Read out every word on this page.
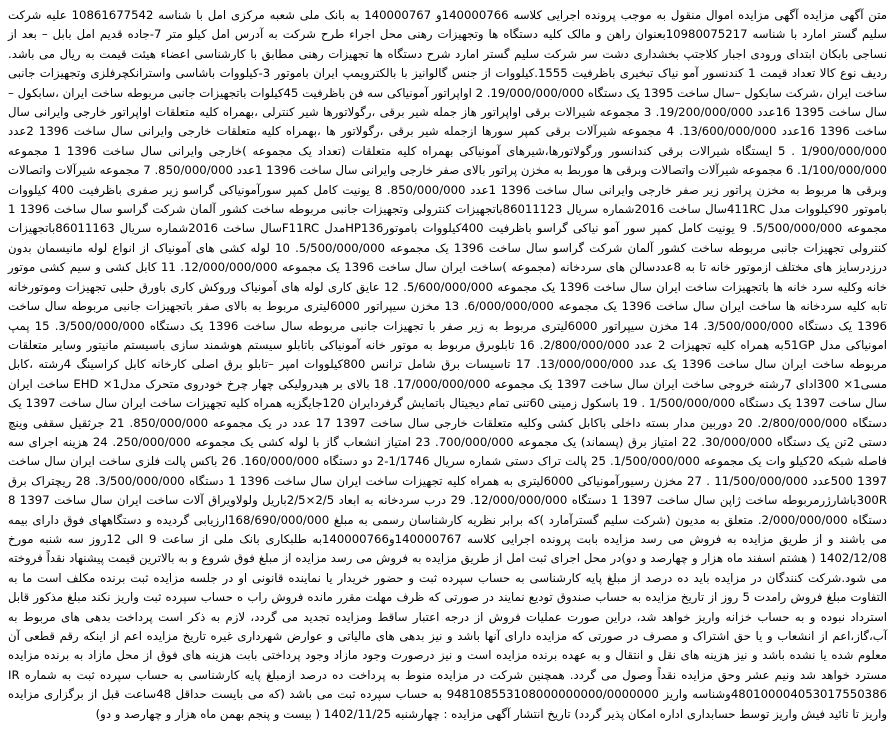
متن آگهی مزایده آگهی مزایده اموال منقول به موجب پرونده اجرایی کلاسه 140000766و 140000767 به بانک ملی شعبه مرکزی امل با شناسه 10861677542 علیه شرکت سلیم گستر امارد با شناسه 10980075217بعنوان راهن و مالک کلیه دستگاه ها وتجهیزات رهنی محل اجراء طرح شرکت به آدرس امل کیلو متر 7-جاده قدیم امل بابل – بعد از نساجی بابکان ابتدای ورودی اجبار کلاجتپ بخشداری دشت سر شرکت سلیم گستر امارد شرح دستگاه ها تجهیزات رهنی مطابق با کارشناسی اعضاء هیئت قیمت به ریال می باشد. ردیف نوع کالا تعداد قیمت 1 کندنسور آمو نیاک تبخیری باظرفیت 1555.کیلووات از جنس گالوانیز با بالکترویمپ ایران باموتور 3-کیلووات باشاسی واسترانکچرفلزی وتجهیزات جانبی ساخت ایران ،شرکت سابکول –سال ساخت 1395 یک دستگاه 19/000/000/000. 2 اواپراتور آمونیاکی سه فن باظرفیت 45کیلوات باتجهیزات جانبی مربوطه ساخت ایران ،سابکول –سال ساخت 1395 16عدد 19/200/000/000. 3 مجموعه شیرالات برقی اواپراتور هاز جمله شیر برقی ،رگولاتورها شیر کنترلی ،بهمراه کلیه متعلقات اواپراتور خارجی وایرانی سال ساخت 1396 16عدد 13/600/000/000. 4 مجموعه شیرآلات برقی کمپر سورها ازجمله شیر برقی ،رگولاتور ها ،بهمراه کلیه متعلقات خارجی وایرانی سال ساخت 1396 2عدد 1/900/000/000 . 5 ایستگاه شیرالات برقی کندانسور ورگولاتورها،شیرهای آمونیاکی بهمراه کلیه متعلقات (تعداد یک مجموعه )خارجی وایرانی سال ساخت 1396 1 مجموعه 1/100/000/000. 6 مجموعه شیرآلات واتصالات وبرقی ها موربط به مخزن پراتور بالای صفر خارجی وایرانی سال ساخت 1396 1عدد 850/000/000. 7 مجموعه شیرآلات واتصالات وبرقی ها مربوط به مخزن پراتور زیر صفر خارجی وایرانی سال ساخت 1396 1عدد 850/000/000. 8 یونیت کامل کمپر سورآمونیاکی گراسو زیر صفری باظرفیت 400 کیلووات باموتور 90کیلووات مدل 411RCسال ساخت 2016شماره سریال 86011123باتجهیزات کنترولی وتجهیزات جانبی مربوطه ساخت کشور آلمان شرکت گراسو سال ساخت 1396 1 مجموعه 5/500/000/000. 9 یونیت کامل کمپر سور آمو نیاکی گراسو باظرفیت 400کیلووات باموتورHP136مدل F11RCسال ساخت 2016شماره سریال 86011163باتجهیزات کنترولی تجهیزات جانبی مربوطه ساخت کشور آلمان شرکت گراسو سال ساخت 1396 یک مجموعه 5/500/000/000. 10 لوله کشی های آمونیاک از انواع لوله مانیسمان بدون درزدرسایز های مختلف ازموتور خانه تا به 8عددسالن های سردخانه (مجموعه )ساخت ایران سال ساخت 1396 یک مجموعه 12/000/000/000. 11 کابل کشی و سیم کشی موتور خانه وکلیه سرد خانه ها باتجهیزات ساخت ایران سال ساخت 1396 یک مجموعه 5/600/000/000. 12 عایق کاری لوله های آمونیاک وروکش کاری باورق حلبی تجهیزات وموتورخانه تابه کلیه سردخانه ها ساخت ایران سال ساخت 1396 یک مجموعه 6/000/000/000. 13 مخزن سیپراتور 6000لیتری مربوط به بالای صفر باتجهیزات جانبی مربوطه سال ساخت 1396 یک دستگاه 3/500/000/000. 14 مخزن سیپراتور 6000لیتری مربوط به زیر صفر با تجهیزات جانبی مربوطه سال ساخت 1396 یک دستگاه 3/500/000/000. 15 پمپ امونیاکی مدل 51GPبه همراه کلیه تجهیزات 2 عدد 2/800/000/000. 16 تابلوبرق مربوط به موتور خانه آمونیاکی باتابلو سیستم هوشمند سازی باسیستم مانیتور وسایر متعلقات مربوطه ساخت ایران سال ساخت 1396 یک عدد 13/000/000/000. 17 تاسیسات برق شامل ترانس 800کیلووات امپر –تابلو برق اصلی کارخانه کابل کراسینگ 4رشته ،کابل مسی1× 300ادای 7رشته خروجی ساخت ایران سال ساخت 1397 یک مجموعه 17/000/000/000. 18 بالای بر هیدرولیکی چهار چرخ خودروی متحرک مدل1× EHD ساخت ایران سال ساخت 1397 یک دستگاه 1/500/000/000 . 19 باسکول زمینی 60تنی تمام دیجیتال باتمایش گرفردایران 120جایگزیه همراه کلیه تجهیزات ساخت ایران سال ساخت 1397 یک دستگاه 2/800/000/000. 20 دوربین مدار بسته داخلی باکابل کشی وکلیه متعلقات خارجی سال ساخت 1397 17 عدد در یک مجموعه 850/000/000. 21 جرثقیل سقفی وینچ دستی 2تن یک دستگاه 30/000/000. 22 امتیاز برق (پسماند) یک مجموعه 700/000/000. 23 امتیاز انشعاب گاز با لوله کشی یک مجموعه 250/000/000. 24 هزینه اجرای سه فاصله شبکه 20کیلو وات یک مجموعه 1/500/000/000. 25 پالت تراک دستی شماره سریال 1/1746-2 دو دستگاه 160/000/000. 26 باکس پالت فلزی ساخت ایران سال ساخت 1397 500عدد 11/500/000/000 . 27 مخزن رسیورآمونیاکی 6000لیتری به همراه کلیه تجهیزات ساخت ایران سال ساخت 1396 1 دستگاه 3/500/000/000. 28 ریچتراک برق 300Rباشارژرمربوطه ساخت ژاپن سال ساخت 1397 1 دستگاه 12/000/000/000. 29 درب سردخانه به ابعاد 2/5×2/5باریل ولولاویراق آلات ساخت ایران سال ساخت 1397 8 دستگاه 2/000/000/000. متعلق به مدیون (شرکت سلیم گسترآمارد )که برابر نظریه کارشناسان رسمی به مبلغ 168/690/000/000ارزیابی گردیده و دستگاههای فوق دارای بیمه می باشند و از طریق مزایده به فروش می رسد مزایده بابت پرونده اجرایی کلاسه 140000767و140000766به طلبکاری بانک ملی از ساعت 9 الی 12روز سه شنبه مورخ 1402/12/08 ( هشتم اسفند ماه هزار و چهارصد و دو)در محل اجرای ثبت امل از طریق مزایده به فروش می رسد مزایده از مبلغ فوق شروع و به بالاترین قیمت پیشنهاد نقداً فروخته می شود.شرکت کنندگان در مزایده باید ده درصد از مبلغ پایه کارشناسی به حساب سپرده ثبت و حضور خریدار یا نماینده قانونی او در جلسه مزایده ثبت برنده مکلف است ما به التفاوت مبلغ فروش رامدت 5 روز از تاریخ مزایده به حساب صندوق تودیع نمایند در صورتی که ظرف مهلت مقرر مانده فروش راب ه حساب سپرده ثبت واریز نکند مبلغ مذکور قابل استرداد نبوده و به حساب خزانه واریز خواهد شد، دراین صورت عملیات فروش از درجه اعتبار ساقط ومزایده تجدید می گردد، لازم به ذکر است پرداخت بدهی های مربوط به آب،گاز،اعم از انشعاب و یا حق اشتراک و مصرف در صورتی که مزایده دارای آنها باشد و نیز بدهی های مالیاتی و عوارض شهرداری غیره تاریخ مزایده اعم از اینکه رقم قطعی آن معلوم شده یا نشده باشد و نیز هزینه های نقل و انتقال و به عهده برنده مزایده است و نیز درصورت وجود مازاد وجود پرداختی بابت هزینه های فوق از محل مازاد به برنده مزایده مسترد خواهد شد ونیم عشر وحق مزایده نقداً وصول می گردد. همچنین شرکت در مزایده منوط به پرداخت ده درصد ازمبلغ پایه کارشناسی به حساب سپرده ثبت به شماره IR 480100004053017550386وشناسه واریز 948108553108000000000/0000000 به حساب سپرده ثبت می باشد (که می بایست حداقل 48ساعت قبل از برگزاری مزایده واریز تا تائید فیش واریز توسط حسابداری اداره امکان پذیر گردد) تاریخ انتشار آگهی مزایده : چهارشنبه 1402/11/25 ( بیست و پنجم بهمن ماه هزار و چهارصد و دو)
